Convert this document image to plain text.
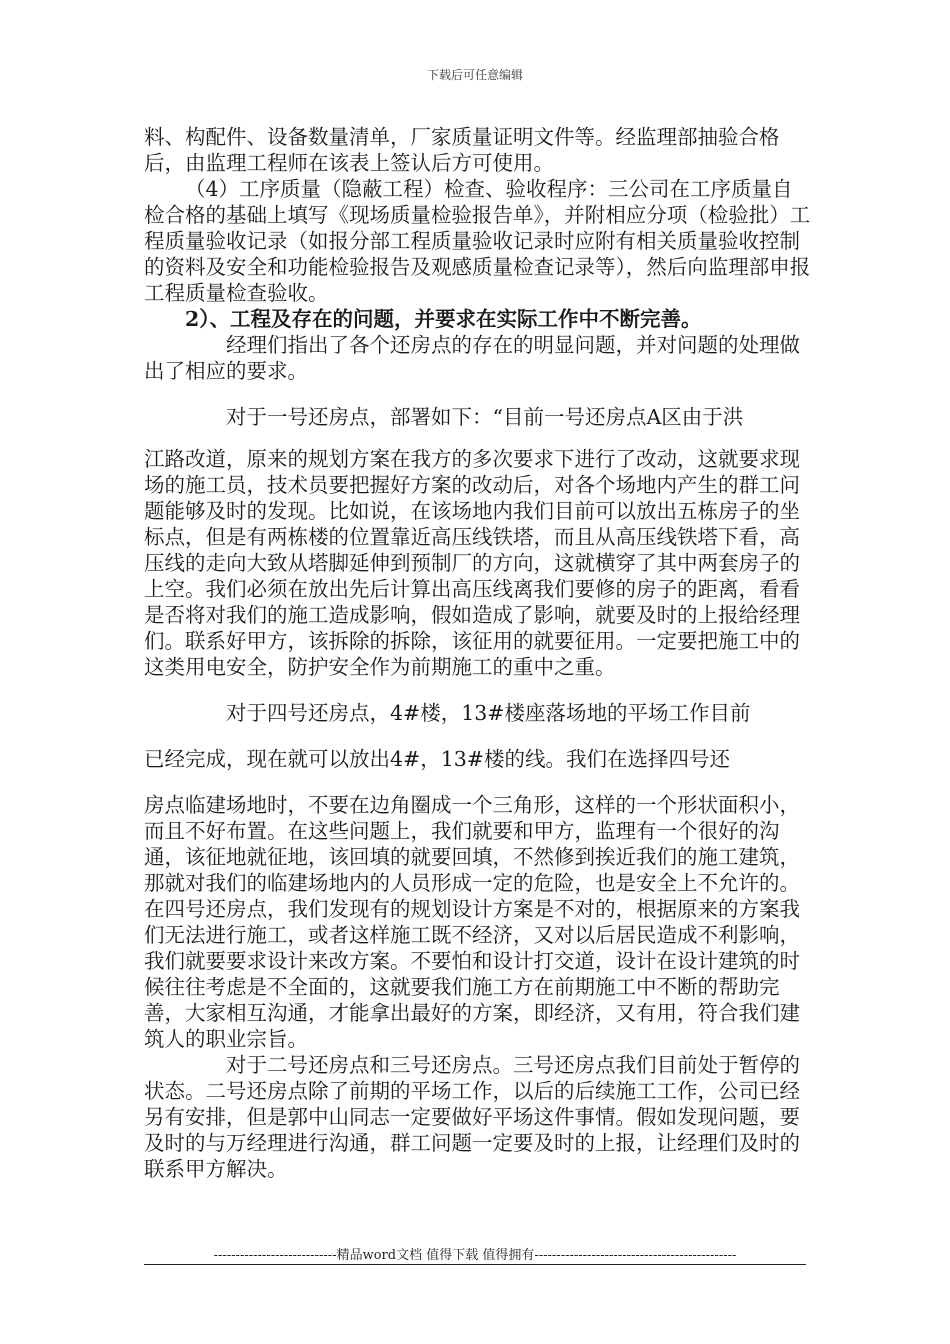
下载后可任意编辑

料、构配件、设备数量清单，厂家质量证明文件等。经监理部抽验合格后，由监理工程师在该表上签认后方可使用。

（4）工序质量（隐蔽工程）检查、验收程序：三公司在工序质量自检合格的基础上填写《现场质量检验报告单》，并附相应分项（检验批）工程质量验收记录（如报分部工程质量验收记录时应附有相关质量验收控制的资料及安全和功能检验报告及观感质量检查记录等），然后向监理部申报工程质量检查验收。

2）、工程及存在的问题，并要求在实际工作中不断完善。

经理们指出了各个还房点的存在的明显问题，并对问题的处理做出了相应的要求。

对于一号还房点，部署如下：“目前一号还房点A区由于洪

江路改道，原来的规划方案在我方的多次要求下进行了改动，这就要求现场的施工员，技术员要把握好方案的改动后，对各个场地内产生的群工问题能够及时的发现。比如说，在该场地内我们目前可以放出五栋房子的坐标点，但是有两栋楼的位置靠近高压线铁塔，而且从高压线铁塔下看，高压线的走向大致从塔脚延伸到预制厂的方向，这就横穿了其中两套房子的上空。我们必须在放出先后计算出高压线离我们要修的房子的距离，看看是否将对我们的施工造成影响，假如造成了影响，就要及时的上报给经理们。联系好甲方，该拆除的拆除，该征用的就要征用。一定要把施工中的这类用电安全，防护安全作为前期施工的重中之重。

对于四号还房点，4#楼，13#楼座落场地的平场工作目前

已经完成，现在就可以放出4#，13#楼的线。我们在选择四号还

房点临建场地时，不要在边角圈成一个三角形，这样的一个形状面积小，而且不好布置。在这些问题上，我们就要和甲方，监理有一个很好的沟通，该征地就征地，该回填的就要回填，不然修到挨近我们的施工建筑，那就对我们的临建场地内的人员形成一定的危险，也是安全上不允许的。在四号还房点，我们发现有的规划设计方案是不对的，根据原来的方案我们无法进行施工，或者这样施工既不经济，又对以后居民造成不利影响，我们就要要求设计来改方案。不要怕和设计打交道，设计在设计建筑的时候往往考虑是不全面的，这就要我们施工方在前期施工中不断的帮助完善，大家相互沟通，才能拿出最好的方案，即经济，又有用，符合我们建筑人的职业宗旨。

对于二号还房点和三号还房点。三号还房点我们目前处于暂停的状态。二号还房点除了前期的平场工作，以后的后续施工工作，公司已经另有安排，但是郭中山同志一定要做好平场这件事情。假如发现问题，要及时的与万经理进行沟通，群工问题一定要及时的上报，让经理们及时的联系甲方解决。

----------------------------精品word文档 值得下载 值得拥有----------------------------------------------
